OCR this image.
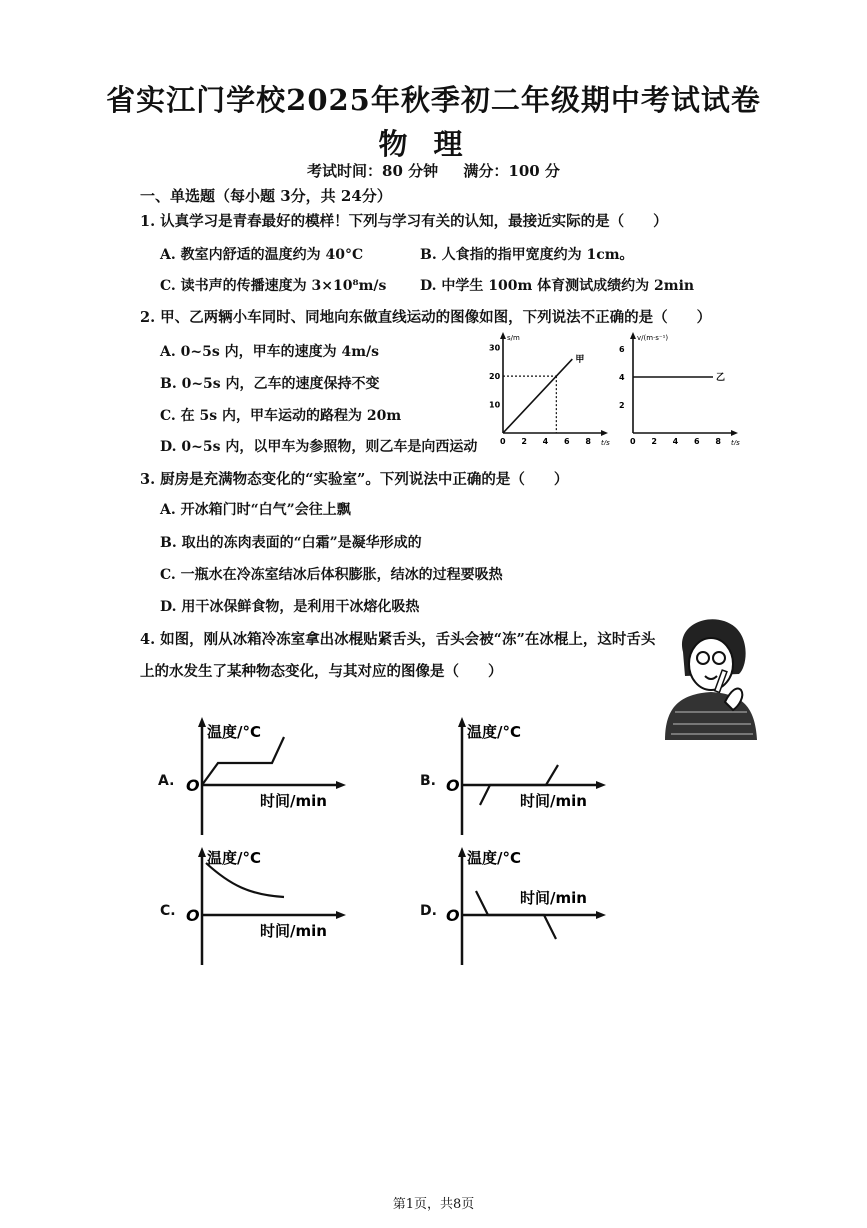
省实江门学校2025年秋季初二年级期中考试试卷
物理
考试时间：80 分钟 满分：100 分
一、单选题（每小题 3分，共 24分）
1. 认真学习是青春最好的模样！下列与学习有关的认知，最接近实际的是（　　）
A. 教室内舒适的温度约为 40°C	B. 人食指的指甲宽度约为 1cm。
C. 读书声的传播速度为 3×10⁸m/s D. 中学生 100m 体育测试成绩约为 2min
2. 甲、乙两辆小车同时、同地向东做直线运动的图像如图，下列说法不正确的是（　　）
A. 0~5s 内，甲车的速度为 4m/s
B. 0~5s 内，乙车的速度保持不变
C. 在 5s 内，甲车运动的路程为 20m
D. 0~5s 内，以甲车为参照物，则乙车是向西运动	0 2 4 6 8
10
20
30
t/s
s/m
甲
0 2 4 6 8
2
4
6
t/s
v/(m·s⁻¹)
乙
3. 厨房是充满物态变化的“实验室”。下列说法中正确的是（　　）
A. 开冰箱门时“白气”会往上飘
B. 取出的冻肉表面的“白霜”是凝华形成的
C. 一瓶水在冷冻室结冰后体积膨胀，结冰的过程要吸热
D. 用干冰保鲜食物，是利用干冰熔化吸热
4. 如图，刚从冰箱冷冻室拿出冰棍贴紧舌头，舌头会被“冻”在冰棍上，这时舌头
上的水发生了某种物态变化，与其对应的图像是（　　）
A.	B.
C.	D.
温度/°C
时间/min
O
温度/°C
时间/min
O
温度/°C
时间/min
O
温度/°C
时间/min
O
第1页，共8页
